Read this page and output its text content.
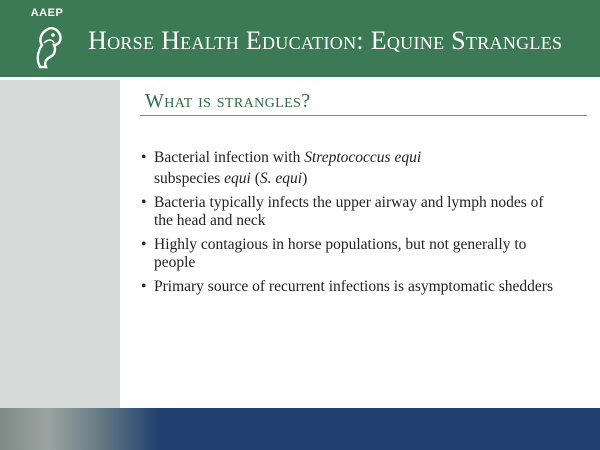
AAEP
Horse Health Education: Equine Strangles
What is strangles?
• Bacterial infection with Streptococcus equi
subspecies equi (S. equi)
• Bacteria typically infects the upper airway and lymph nodes of the head and neck
• Highly contagious in horse populations, but not generally to people
• Primary source of recurrent infections is asymptomatic shedders
